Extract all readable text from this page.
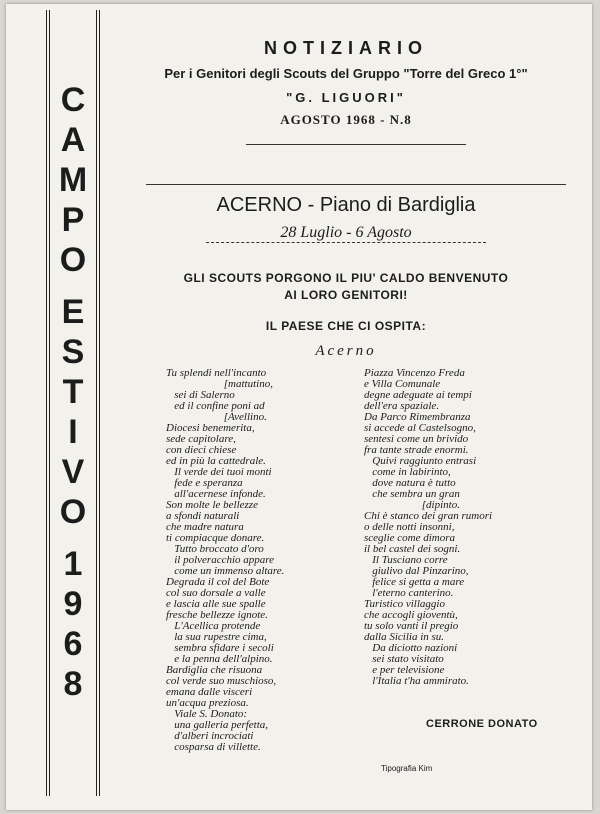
C
A
M
P
O
E
S
T
I
V
O
1
9
6
8
NOTIZIARIO
Per i Genitori degli Scouts del Gruppo "Torre del Greco 1°"
"G. LIGUORI"
AGOSTO 1968 - N.8
ACERNO - Piano di Bardiglia
28 Luglio - 6 Agosto
GLI SCOUTS PORGONO IL PIU' CALDO BENVENUTO
AI LORO GENITORI!
IL PAESE CHE CI OSPITA:
Acerno
Tu splendi nell'incanto
[mattutino,
sei di Salerno
ed il confine poni ad
[Avellino.
Diocesi benemerita,
sede capitolare,
con dieci chiese
ed in più la cattedrale.
Il verde dei tuoi monti
fede e speranza
all'acernese infonde.
Son molte le bellezze
a sfondi naturali
che madre natura
ti compiacque donare.
Tutto broccato d'oro
il polveracchio appare
come un immenso altare.
Degrada il col del Bote
col suo dorsale a valle
e lascia alle sue spalle
fresche bellezze ignote.
L'Acellica protende
la sua rupestre cima,
sembra sfidare i secoli
e la penna dell'alpino.
Bardiglia che risuona
col verde suo muschioso,
emana dalle visceri
un'acqua preziosa.
Viale S. Donato:
una galleria perfetta,
d'alberi incrociati
cosparsa di villette.
Piazza Vincenzo Freda
e Villa Comunale
degne adeguate ai tempi
dell'era spaziale.
Da Parco Rimembranza
si accede al Castelsogno,
sentesi come un brivido
fra tante strade enormi.
Quivi raggiunto entrasi
come in labirinto,
dove natura è tutto
che sembra un gran
[dipinto.
Chi è stanco dei gran rumori
o delle notti insonni,
sceglie come dimora
il bel castel dei sogni.
Il Tusciano corre
giulivo dal Pinzarino,
felice si getta a mare
l'eterno canterino.
Turistico villaggio
che accogli gioventù,
tu solo vanti il pregio
dalla Sicilia in su.
Da diciotto nazioni
sei stato visitato
e per televisione
l'Italia t'ha ammirato.
CERRONE DONATO
Tipografia Kim
